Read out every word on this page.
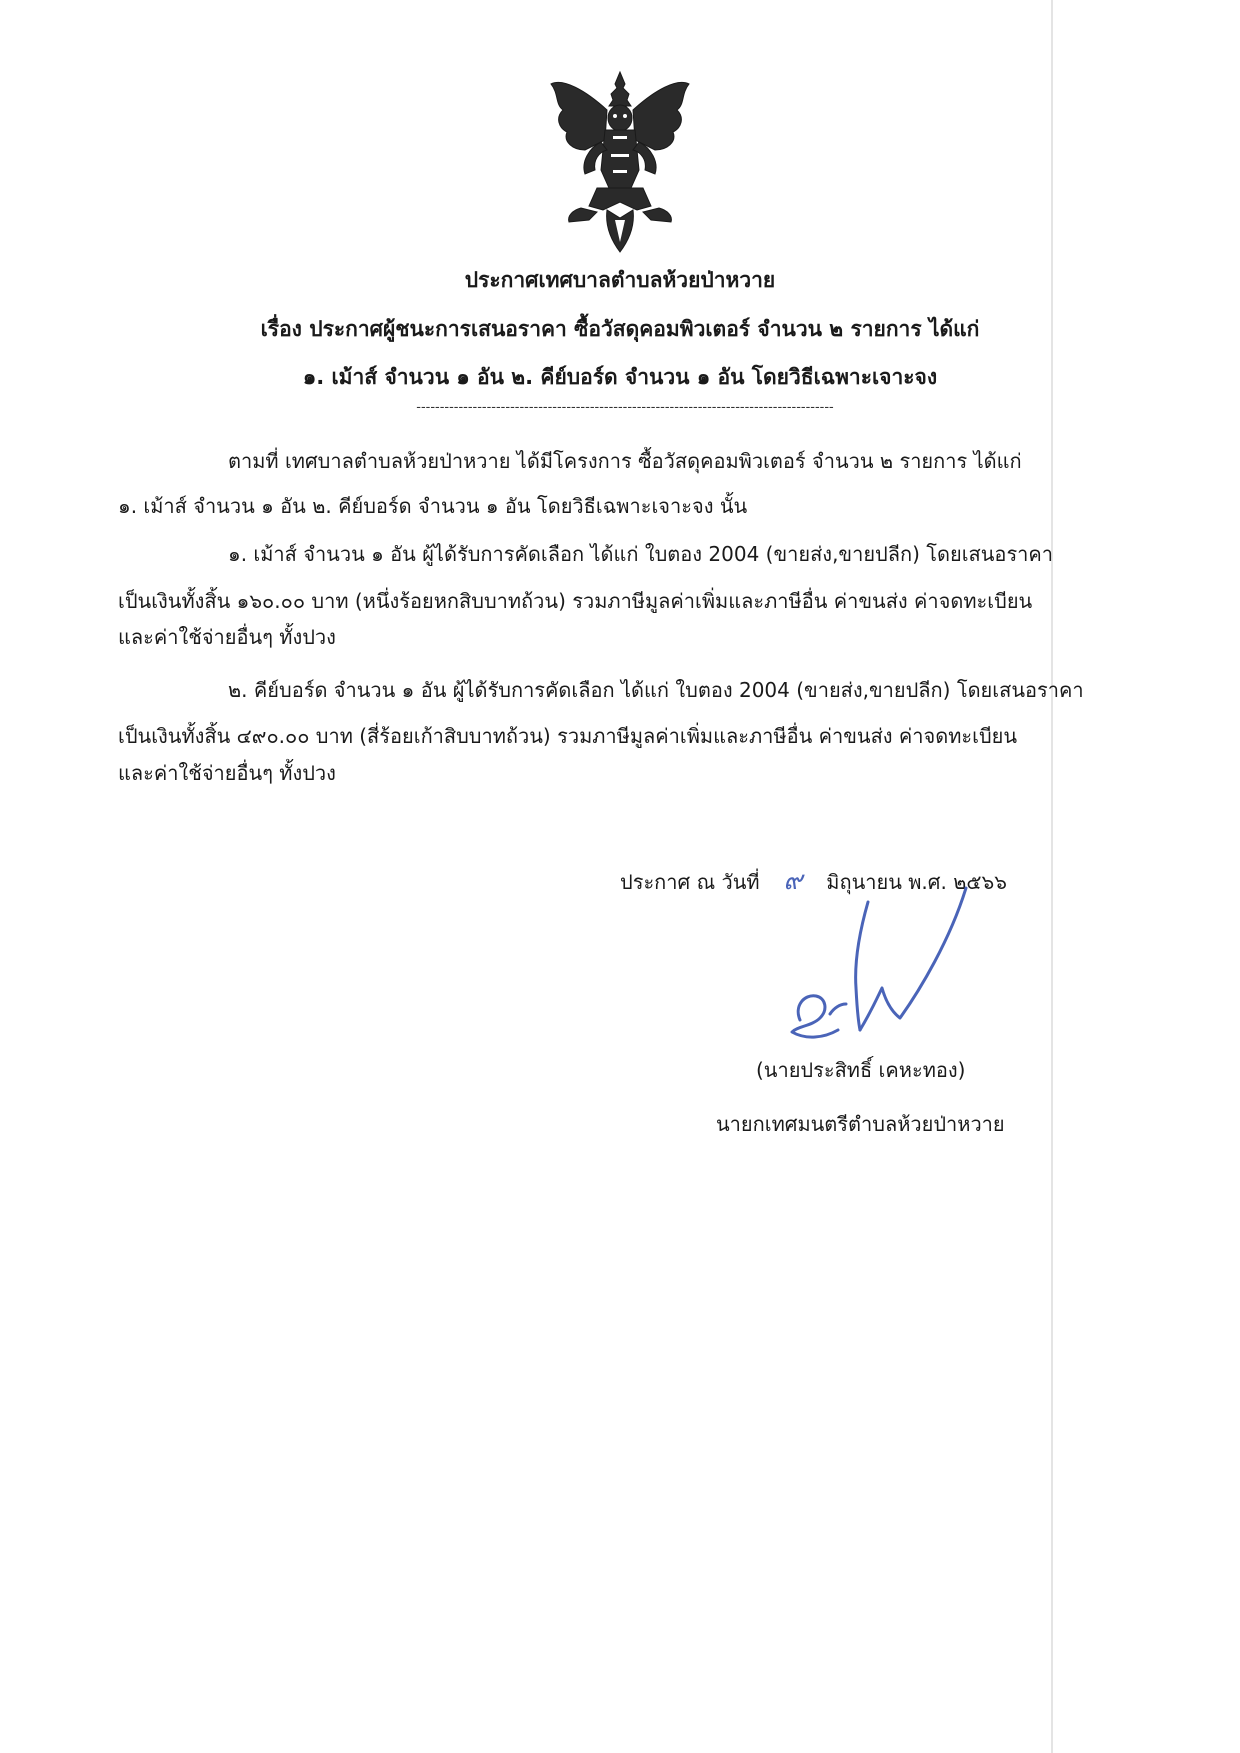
ประกาศเทศบาลตำบลห้วยป่าหวาย
เรื่อง ประกาศผู้ชนะการเสนอราคา ซื้อวัสดุคอมพิวเตอร์ จำนวน ๒ รายการ ได้แก่
๑. เม้าส์ จำนวน ๑ อัน ๒. คีย์บอร์ด จำนวน ๑ อัน โดยวิธีเฉพาะเจาะจง
-----------------------------------------------------------------------------------------
ตามที่ เทศบาลตำบลห้วยป่าหวาย ได้มีโครงการ ซื้อวัสดุคอมพิวเตอร์ จำนวน ๒ รายการ ได้แก่
๑. เม้าส์ จำนวน ๑ อัน ๒. คีย์บอร์ด จำนวน ๑ อัน โดยวิธีเฉพาะเจาะจง นั้น
๑. เม้าส์ จำนวน ๑ อัน ผู้ได้รับการคัดเลือก ได้แก่ ใบตอง 2004 (ขายส่ง,ขายปลีก) โดยเสนอราคา
เป็นเงินทั้งสิ้น ๑๖๐.๐๐ บาท (หนึ่งร้อยหกสิบบาทถ้วน) รวมภาษีมูลค่าเพิ่มและภาษีอื่น ค่าขนส่ง ค่าจดทะเบียน
และค่าใช้จ่ายอื่นๆ ทั้งปวง
๒. คีย์บอร์ด จำนวน ๑ อัน ผู้ได้รับการคัดเลือก ได้แก่ ใบตอง 2004 (ขายส่ง,ขายปลีก) โดยเสนอราคา
เป็นเงินทั้งสิ้น ๔๙๐.๐๐ บาท (สี่ร้อยเก้าสิบบาทถ้วน) รวมภาษีมูลค่าเพิ่มและภาษีอื่น ค่าขนส่ง ค่าจดทะเบียน
และค่าใช้จ่ายอื่นๆ ทั้งปวง
ประกาศ ณ วันที่ ๙ มิถุนายน พ.ศ. ๒๕๖๖
(นายประสิทธิ์ เคหะทอง)
นายกเทศมนตรีตำบลห้วยป่าหวาย
